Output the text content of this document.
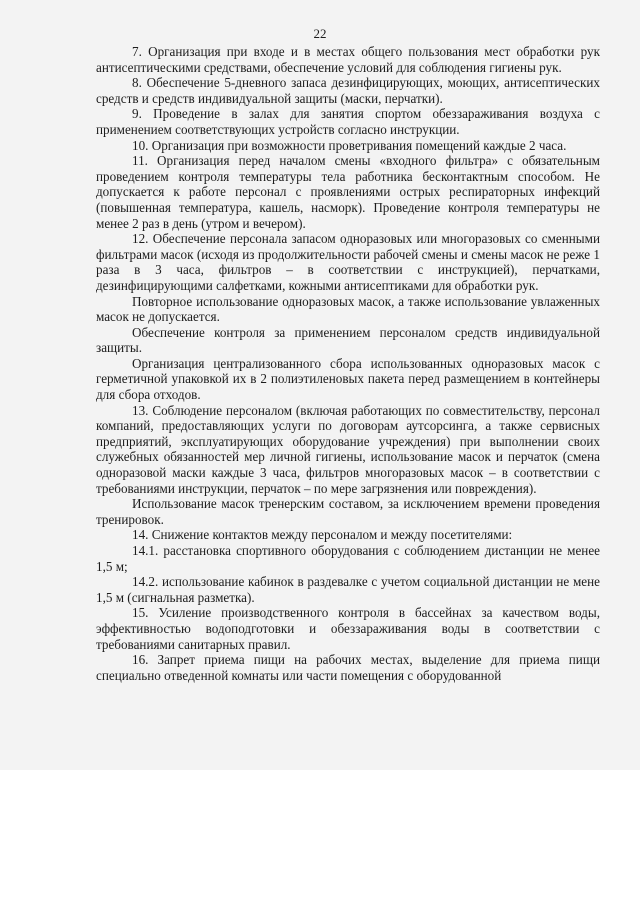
22

7. Организация при входе и в местах общего пользования мест обработки рук антисептическими средствами, обеспечение условий для соблюдения гигиены рук.

8. Обеспечение 5-дневного запаса дезинфицирующих, моющих, антисептических средств и средств индивидуальной защиты (маски, перчатки).

9. Проведение в залах для занятия спортом обеззараживания воздуха с применением соответствующих устройств согласно инструкции.

10. Организация при возможности проветривания помещений каждые 2 часа.

11. Организация перед началом смены «входного фильтра» с обязательным проведением контроля температуры тела работника бесконтактным способом. Не допускается к работе персонал с проявлениями острых респираторных инфекций (повышенная температура, кашель, насморк). Проведение контроля температуры не менее 2 раз в день (утром и вечером).

12. Обеспечение персонала запасом одноразовых или многоразовых со сменными фильтрами масок (исходя из продолжительности рабочей смены и смены масок не реже 1 раза в 3 часа, фильтров – в соответствии с инструкцией), перчатками, дезинфицирующими салфетками, кожными антисептиками для обработки рук.

Повторное использование одноразовых масок, а также использование увлаженных масок не допускается.

Обеспечение контроля за применением персоналом средств индивидуальной защиты.

Организация централизованного сбора использованных одноразовых масок с герметичной упаковкой их в 2 полиэтиленовых пакета перед размещением в контейнеры для сбора отходов.

13. Соблюдение персоналом (включая работающих по совместительству, персонал компаний, предоставляющих услуги по договорам аутсорсинга, а также сервисных предприятий, эксплуатирующих оборудование учреждения) при выполнении своих служебных обязанностей мер личной гигиены, использование масок и перчаток (смена одноразовой маски каждые 3 часа, фильтров многоразовых масок – в соответствии с требованиями инструкции, перчаток – по мере загрязнения или повреждения).

Использование масок тренерским составом, за исключением времени проведения тренировок.

14. Снижение контактов между персоналом и между посетителями:

14.1. расстановка спортивного оборудования с соблюдением дистанции не менее 1,5 м;

14.2. использование кабинок в раздевалке с учетом социальной дистанции не мене 1,5 м (сигнальная разметка).

15. Усиление производственного контроля в бассейнах за качеством воды, эффективностью водоподготовки и обеззараживания воды в соответствии с требованиями санитарных правил.

16. Запрет приема пищи на рабочих местах, выделение для приема пищи специально отведенной комнаты или части помещения с оборудованной
